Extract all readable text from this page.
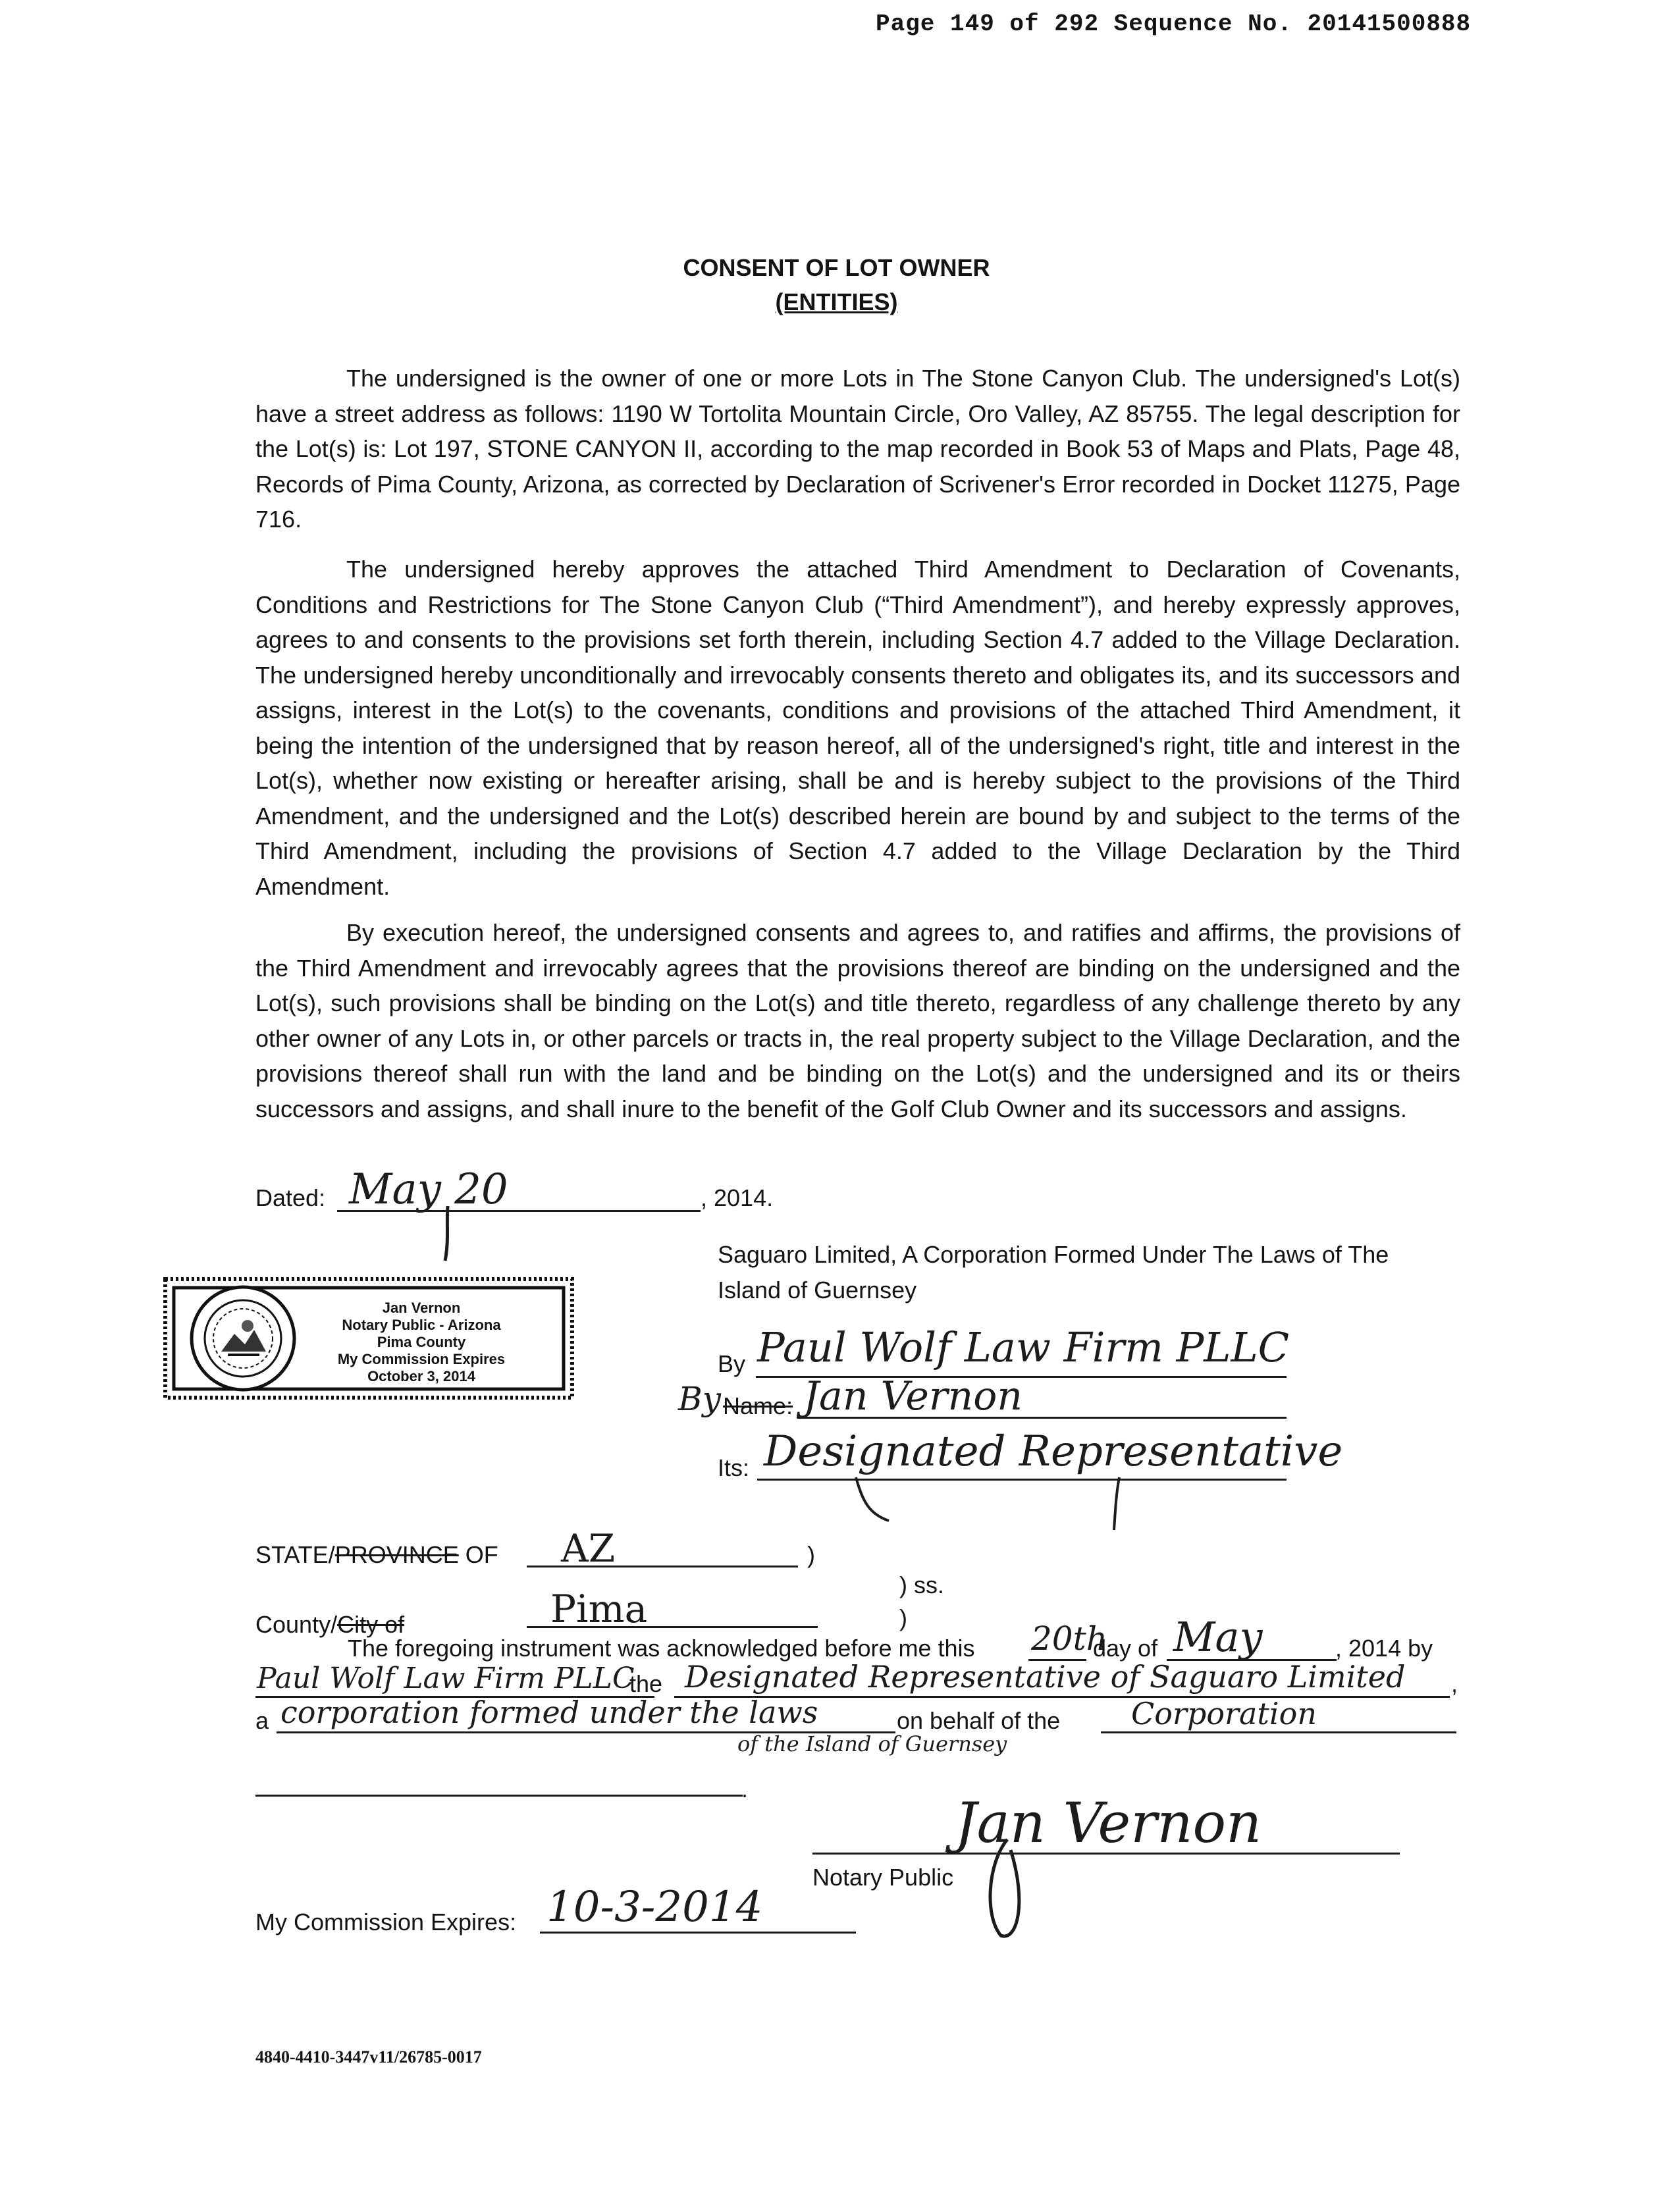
Page 149 of 292 Sequence No. 20141500888
CONSENT OF LOT OWNER
(ENTITIES)

The undersigned is the owner of one or more Lots in The Stone Canyon Club. The undersigned's Lot(s) have a street address as follows: 1190 W Tortolita Mountain Circle, Oro Valley, AZ 85755. The legal description for the Lot(s) is: Lot 197, STONE CANYON II, according to the map recorded in Book 53 of Maps and Plats, Page 48, Records of Pima County, Arizona, as corrected by Declaration of Scrivener's Error recorded in Docket 11275, Page 716.

The undersigned hereby approves the attached Third Amendment to Declaration of Covenants, Conditions and Restrictions for The Stone Canyon Club (“Third Amendment”), and hereby expressly approves, agrees to and consents to the provisions set forth therein, including Section 4.7 added to the Village Declaration. The undersigned hereby unconditionally and irrevocably consents thereto and obligates its, and its successors and assigns, interest in the Lot(s) to the covenants, conditions and provisions of the attached Third Amendment, it being the intention of the undersigned that by reason hereof, all of the undersigned's right, title and interest in the Lot(s), whether now existing or hereafter arising, shall be and is hereby subject to the provisions of the Third Amendment, and the undersigned and the Lot(s) described herein are bound by and subject to the terms of the Third Amendment, including the provisions of Section 4.7 added to the Village Declaration by the Third Amendment.

By execution hereof, the undersigned consents and agrees to, and ratifies and affirms, the provisions of the Third Amendment and irrevocably agrees that the provisions thereof are binding on the undersigned and the Lot(s), such provisions shall be binding on the Lot(s) and title thereto, regardless of any challenge thereto by any other owner of any Lots in, or other parcels or tracts in, the real property subject to the Village Declaration, and the provisions thereof shall run with the land and be binding on the Lot(s) and the undersigned and its or theirs successors and assigns, and shall inure to the benefit of the Golf Club Owner and its successors and assigns.

Dated: May 20	, 2014.
Saguaro Limited, A Corporation Formed Under The Laws of The
Island of Guernsey
By Paul Wolf Law Firm PLLC
By Name: Jan Vernon
Its: Designated Representative
Jan Vernon
Notary Public - Arizona
Pima County
My Commission Expires
October 3, 2014
STATE/PROVINCE OF AZ	)
) ss.
County/City of	Pima	)
The foregoing instrument was acknowledged before me this 20th
day of May	, 2014 by
Paul Wolf Law Firm PLLC
the Designated Representative of Saguaro Limited ,
a corporation formed under the laws
of the Island of Guernsey
on behalf of the Corporation
.
Jan Vernon
Notary Public
My Commission Expires: 10-3-2014
4840-4410-3447v11/26785-0017
